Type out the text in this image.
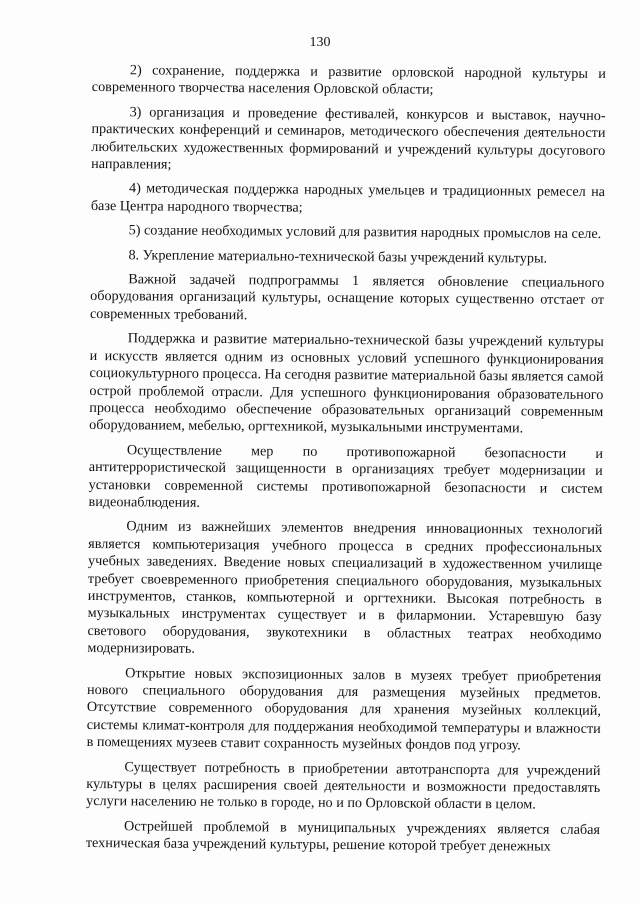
130

2) сохранение, поддержка и развитие орловской народной культуры и современного творчества населения Орловской области;

3) организация и проведение фестивалей, конкурсов и выставок, научно-практических конференций и семинаров, методического обеспечения деятельности любительских художественных формирований и учреждений культуры досугового направления;

4) методическая поддержка народных умельцев и традиционных ремесел на базе Центра народного творчества;

5) создание необходимых условий для развития народных промыслов на селе.

8. Укрепление материально-технической базы учреждений культуры.

Важной задачей подпрограммы 1 является обновление специального оборудования организаций культуры, оснащение которых существенно отстает от современных требований.

Поддержка и развитие материально-технической базы учреждений культуры и искусств является одним из основных условий успешного функционирования социокультурного процесса. На сегодня развитие материальной базы является самой острой проблемой отрасли. Для успешного функционирования образовательного процесса необходимо обеспечение образовательных организаций современным оборудованием, мебелью, оргтехникой, музыкальными инструментами.

Осуществление мер по противопожарной безопасности и антитеррористической защищенности в организациях требует модернизации и установки современной системы противопожарной безопасности и систем видеонаблюдения.

Одним из важнейших элементов внедрения инновационных технологий является компьютеризация учебного процесса в средних профессиональных учебных заведениях. Введение новых специализаций в художественном училище требует своевременного приобретения специального оборудования, музыкальных инструментов, станков, компьютерной и оргтехники. Высокая потребность в музыкальных инструментах существует и в филармонии. Устаревшую базу светового оборудования, звукотехники в областных театрах необходимо модернизировать.

Открытие новых экспозиционных залов в музеях требует приобретения нового специального оборудования для размещения музейных предметов. Отсутствие современного оборудования для хранения музейных коллекций, системы климат-контроля для поддержания необходимой температуры и влажности в помещениях музеев ставит сохранность музейных фондов под угрозу.

Существует потребность в приобретении автотранспорта для учреждений культуры в целях расширения своей деятельности и возможности предоставлять услуги населению не только в городе, но и по Орловской области в целом.

Острейшей проблемой в муниципальных учреждениях является слабая техническая база учреждений культуры, решение которой требует денежных
